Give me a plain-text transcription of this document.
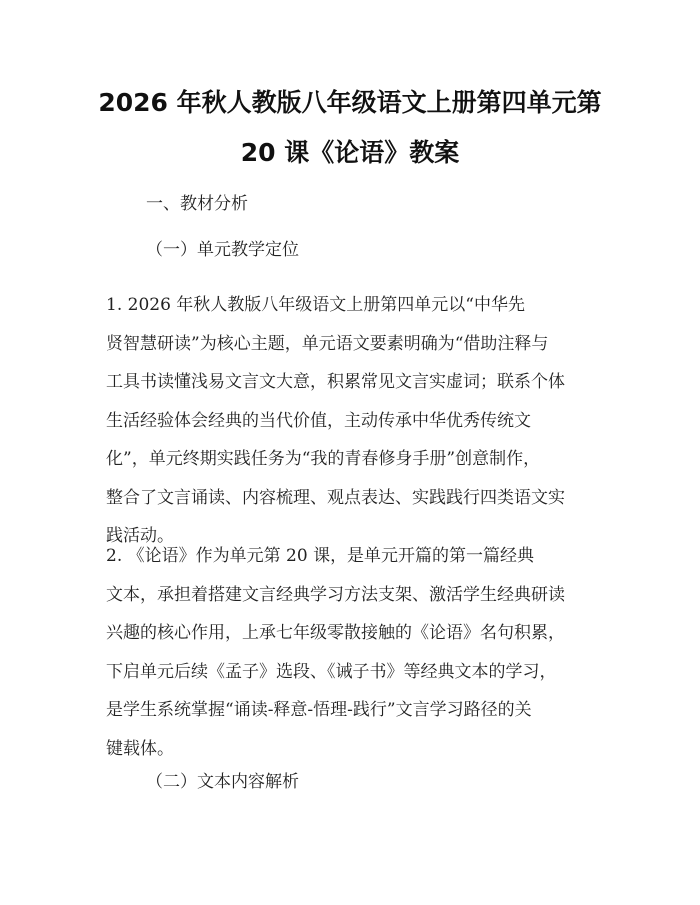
2026 年秋人教版八年级语文上册第四单元第
20 课《论语》教案
一、教材分析
（一）单元教学定位
1. 2026 年秋人教版八年级语文上册第四单元以“中华先
贤智慧研读”为核心主题，单元语文要素明确为“借助注释与
工具书读懂浅易文言文大意，积累常见文言实虚词；联系个体
生活经验体会经典的当代价值，主动传承中华优秀传统文
化”，单元终期实践任务为“我的青春修身手册”创意制作，
整合了文言诵读、内容梳理、观点表达、实践践行四类语文实
践活动。
2. 《论语》作为单元第 20 课，是单元开篇的第一篇经典
文本，承担着搭建文言经典学习方法支架、激活学生经典研读
兴趣的核心作用，上承七年级零散接触的《论语》名句积累，
下启单元后续《孟子》选段、《诫子书》等经典文本的学习，
是学生系统掌握“诵读-释意-悟理-践行”文言学习路径的关
键载体。
（二）文本内容解析
